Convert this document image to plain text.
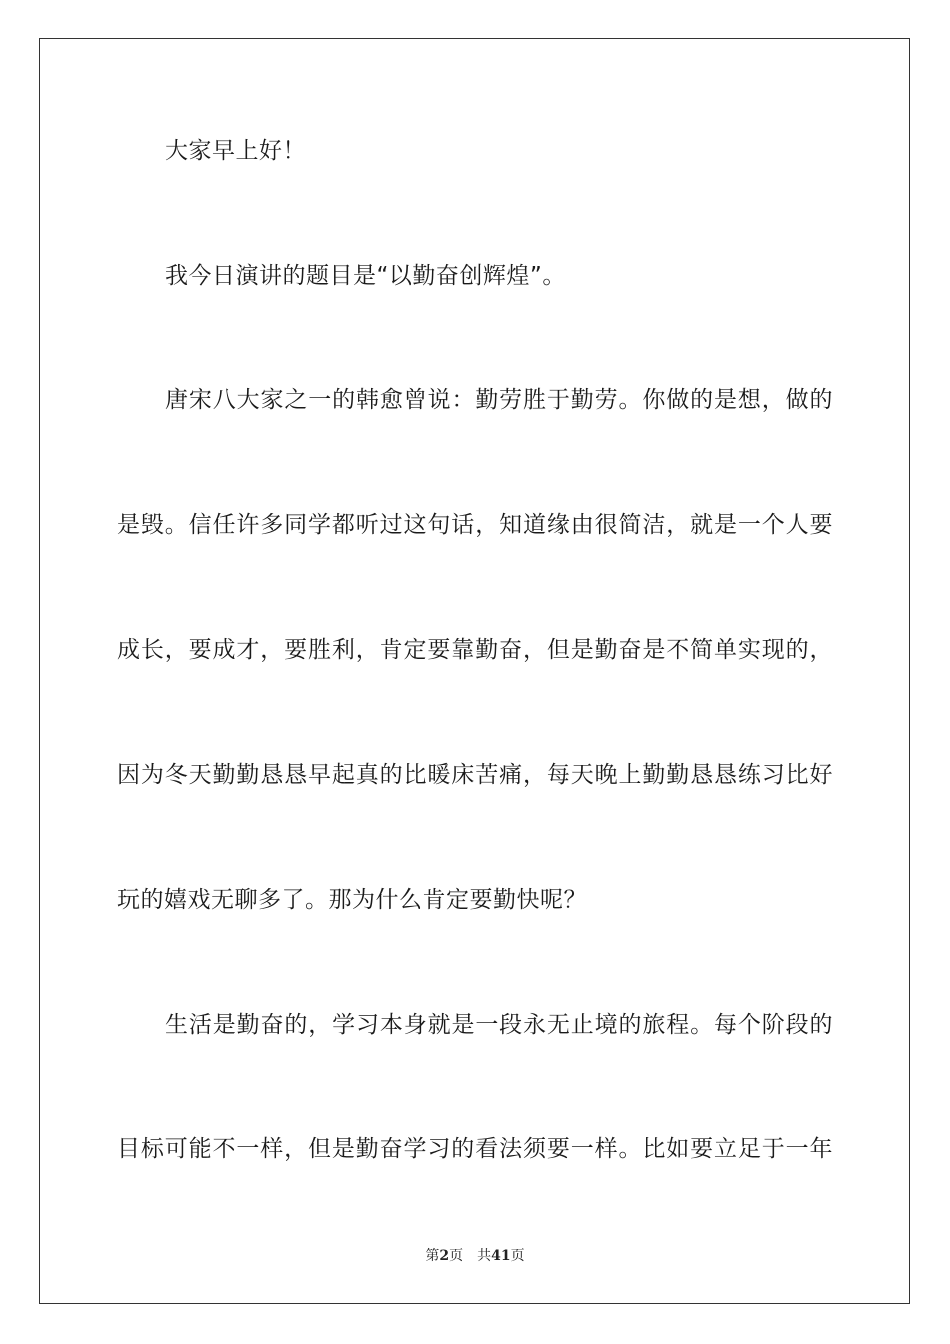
大家早上好！
我今日演讲的题目是“以勤奋创辉煌”。
唐宋八大家之一的韩愈曾说：勤劳胜于勤劳。你做的是想，做的
是毁。信任许多同学都听过这句话，知道缘由很简洁，就是一个人要
成长，要成才，要胜利，肯定要靠勤奋，但是勤奋是不简单实现的，
因为冬天勤勤恳恳早起真的比暖床苦痛，每天晚上勤勤恳恳练习比好
玩的嬉戏无聊多了。那为什么肯定要勤快呢？
生活是勤奋的，学习本身就是一段永无止境的旅程。每个阶段的
目标可能不一样，但是勤奋学习的看法须要一样。比如要立足于一年
第2页 共41页
